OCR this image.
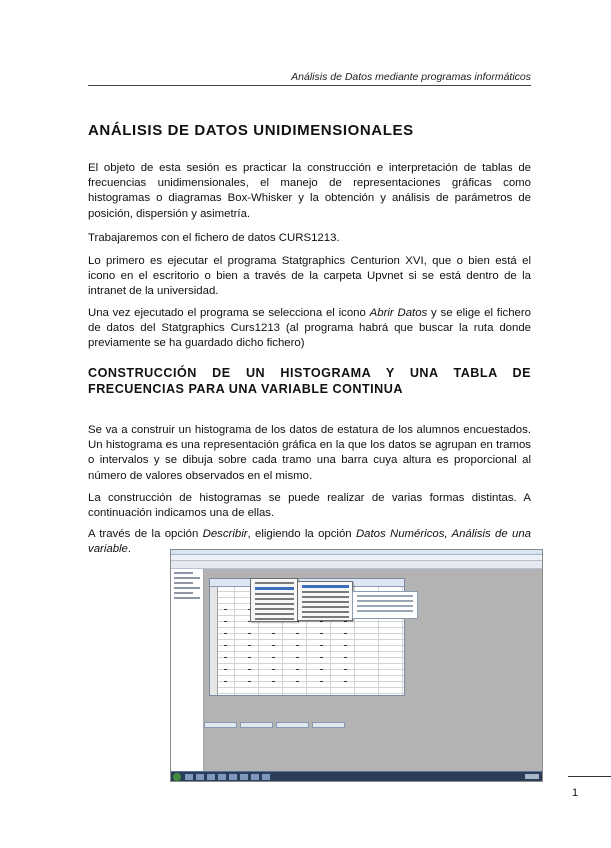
Análisis de Datos mediante programas informáticos
ANÁLISIS DE DATOS UNIDIMENSIONALES

El objeto de esta sesión es practicar la construcción e interpretación de tablas de frecuencias unidimensionales, el manejo de representaciones gráficas como histogramas o diagramas Box-Whisker y la obtención y análisis de parámetros de posición, dispersión y asimetría.

Trabajaremos con el fichero de datos CURS1213.

Lo primero es ejecutar el programa Statgraphics Centurion XVI, que o bien está el icono en el escritorio o bien a través de la carpeta Upvnet si se está dentro de la intranet de la universidad.

Una vez ejecutado el programa se selecciona el icono Abrir Datos y se elige el fichero de datos del Statgraphics Curs1213 (al programa habrá que buscar la ruta donde previamente se ha guardado dicho fichero)

CONSTRUCCIÓN DE UN HISTOGRAMA Y UNA TABLA DE FRECUENCIAS PARA UNA VARIABLE CONTINUA

Se va a construir un histograma de los datos de estatura de los alumnos encuestados. Un histograma es una representación gráfica en la que los datos se agrupan en tramos o intervalos y se dibuja sobre cada tramo una barra cuya altura es proporcional al número de valores observados en el mismo.

La construcción de histogramas se puede realizar de varias formas distintas. A continuación indicamos una de ellas.

A través de la opción Describir, eligiendo la opción Datos Numéricos, Análisis de una variable.

1
